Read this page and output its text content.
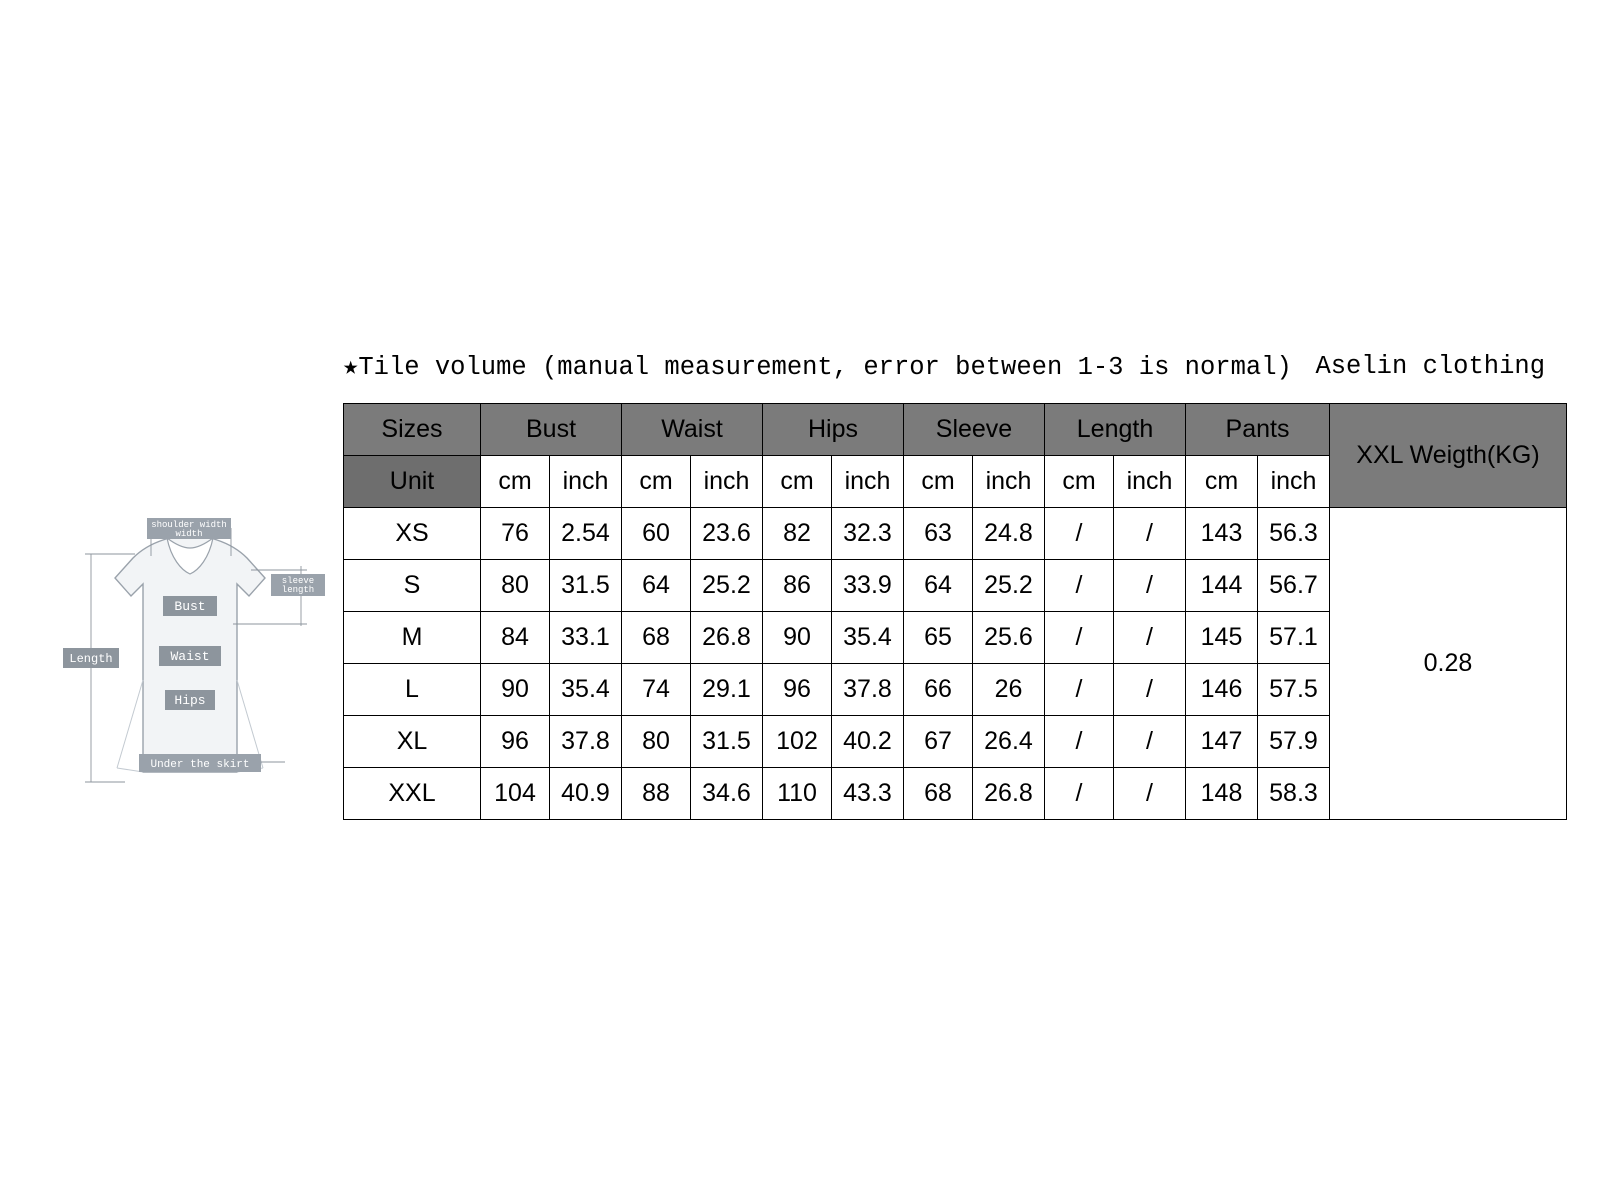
shoulder width
width
sleeve
length
Bust
Waist
Hips
Length
Under the skirt
★Tile volume (manual measurement, error between 1-3 is normal) Aselin clothing
Sizes	Bust		Waist		Hips		Sleeve		Length		Pants		XXL Weigth(KG)
Unit	cm	inch	cm	inch	cm	inch	cm	inch	cm	inch	cm	inch	
XS	76	2.54	60	23.6	82	32.3	63	24.8	/	/	143	56.3	0.28
S	80	31.5	64	25.2	86	33.9	64	25.2	/	/	144	56.7	
M	84	33.1	68	26.8	90	35.4	65	25.6	/	/	145	57.1	
L	90	35.4	74	29.1	96	37.8	66	26	/	/	146	57.5	
XL	96	37.8	80	31.5	102	40.2	67	26.4	/	/	147	57.9	
XXL	104	40.9	88	34.6	110	43.3	68	26.8	/	/	148	58.3	
